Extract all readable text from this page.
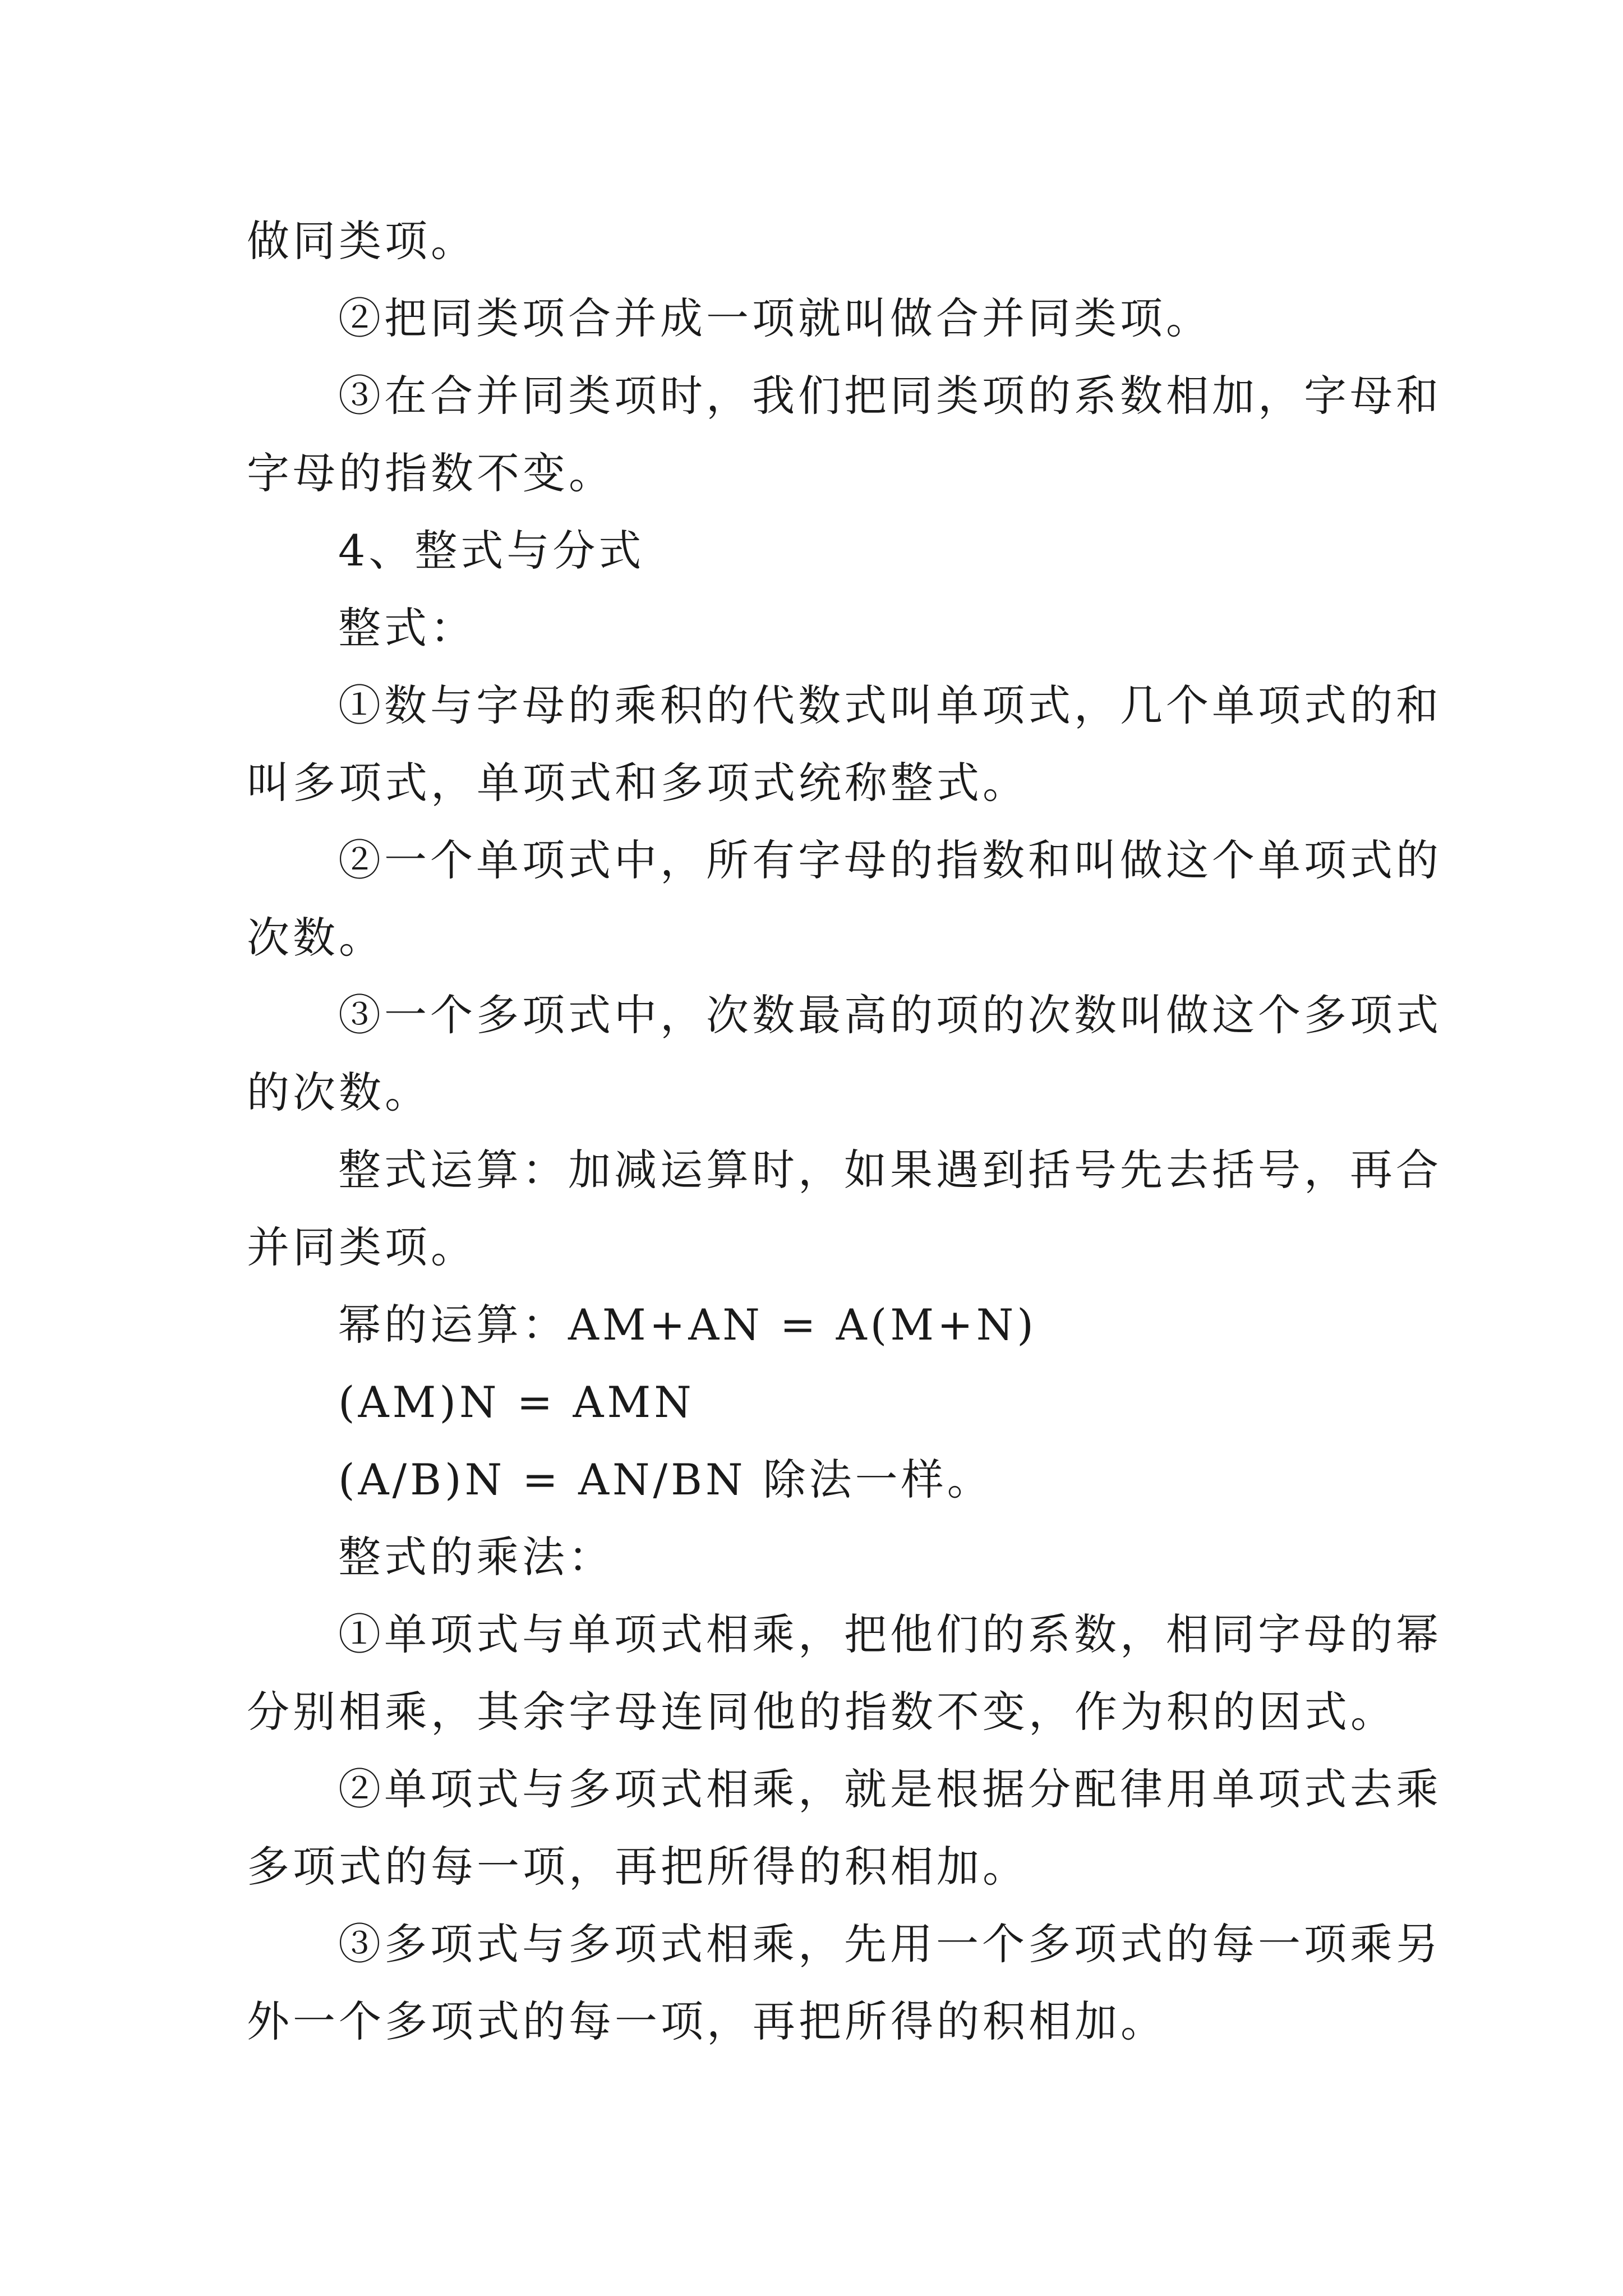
做同类项。
②把同类项合并成一项就叫做合并同类项。
③在合并同类项时，我们把同类项的系数相加，字母和
字母的指数不变。
4、整式与分式
整式：
①数与字母的乘积的代数式叫单项式，几个单项式的和
叫多项式，单项式和多项式统称整式。
②一个单项式中，所有字母的指数和叫做这个单项式的
次数。
③一个多项式中，次数最高的项的次数叫做这个多项式
的次数。
整式运算：加减运算时，如果遇到括号先去括号，再合
并同类项。
幂的运算：AM+AN = A(M+N)
(AM)N = AMN
(A/B)N = AN/BN 除法一样。
整式的乘法：
①单项式与单项式相乘，把他们的系数，相同字母的幂
分别相乘，其余字母连同他的指数不变，作为积的因式。
②单项式与多项式相乘，就是根据分配律用单项式去乘
多项式的每一项，再把所得的积相加。
③多项式与多项式相乘，先用一个多项式的每一项乘另
外一个多项式的每一项，再把所得的积相加。
